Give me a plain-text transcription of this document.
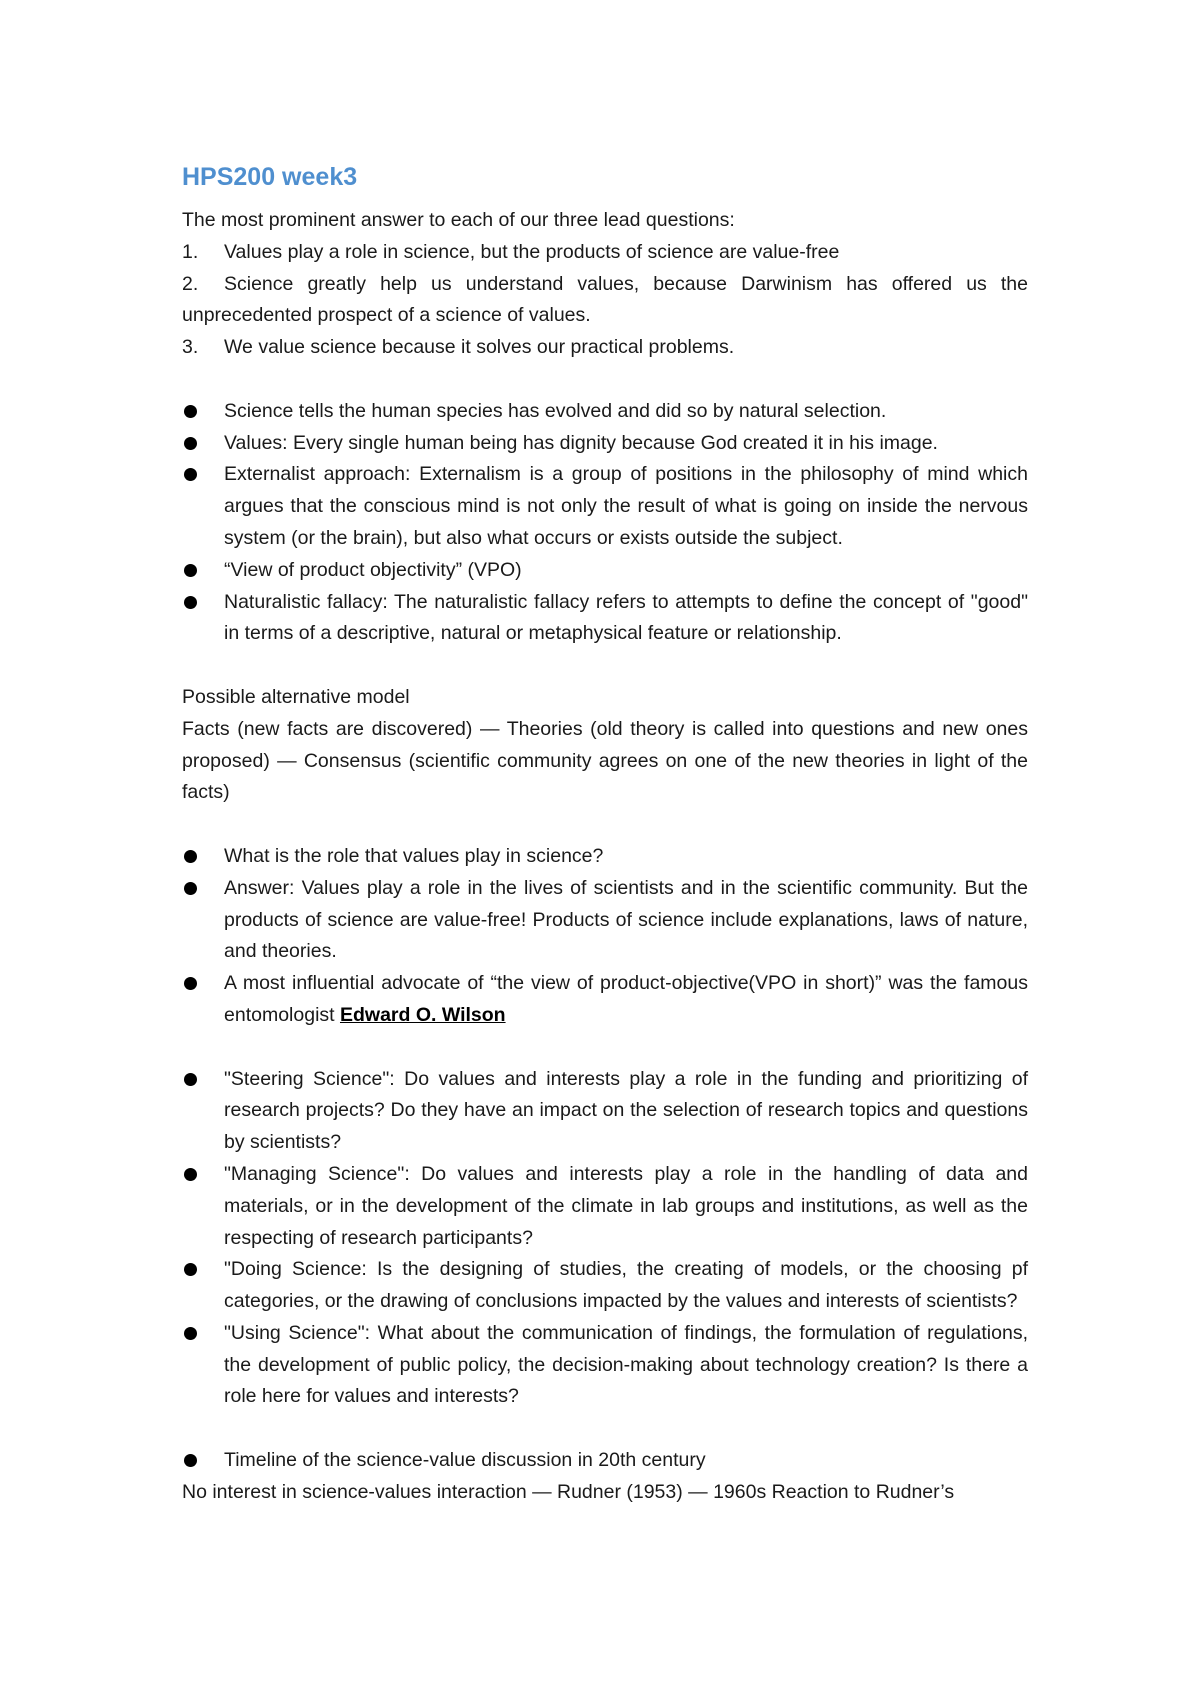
HPS200 week3

The most prominent answer to each of our three lead questions:

1.	Values play a role in science, but the products of science are value-free

2. Science greatly help us understand values, because Darwinism has offered us the unprecedented prospect of a science of values.

3.	We value science because it solves our practical problems.
Science tells the human species has evolved and did so by natural selection.
Values: Every single human being has dignity because God created it in his image.
Externalist approach: Externalism is a group of positions in the philosophy of mind which argues that the conscious mind is not only the result of what is going on inside the nervous system (or the brain), but also what occurs or exists outside the subject.
“View of product objectivity” (VPO)
Naturalistic fallacy: The naturalistic fallacy refers to attempts to define the concept of "good" in terms of a descriptive, natural or metaphysical feature or relationship.

Possible alternative model

Facts (new facts are discovered) — Theories (old theory is called into questions and new ones proposed) — Consensus (scientific community agrees on one of the new theories in light of the facts)

What is the role that values play in science?
Answer: Values play a role in the lives of scientists and in the scientific community. But the products of science are value-free! Products of science include explanations, laws of nature, and theories.
A most influential advocate of “the view of product-objective(VPO in short)” was the famous entomologist Edward O. Wilson
"Steering Science": Do values and interests play a role in the funding and prioritizing of research projects? Do they have an impact on the selection of research topics and questions by scientists?
"Managing Science": Do values and interests play a role in the handling of data and materials, or in the development of the climate in lab groups and institutions, as well as the respecting of research participants?
"Doing Science: Is the designing of studies, the creating of models, or the choosing pf categories, or the drawing of conclusions impacted by the values and interests of scientists?
"Using Science": What about the communication of findings, the formulation of regulations, the development of public policy, the decision-making about technology creation? Is there a role here for values and interests?
Timeline of the science-value discussion in 20th century

No interest in science-values interaction — Rudner (1953) — 1960s Reaction to Rudner’s
